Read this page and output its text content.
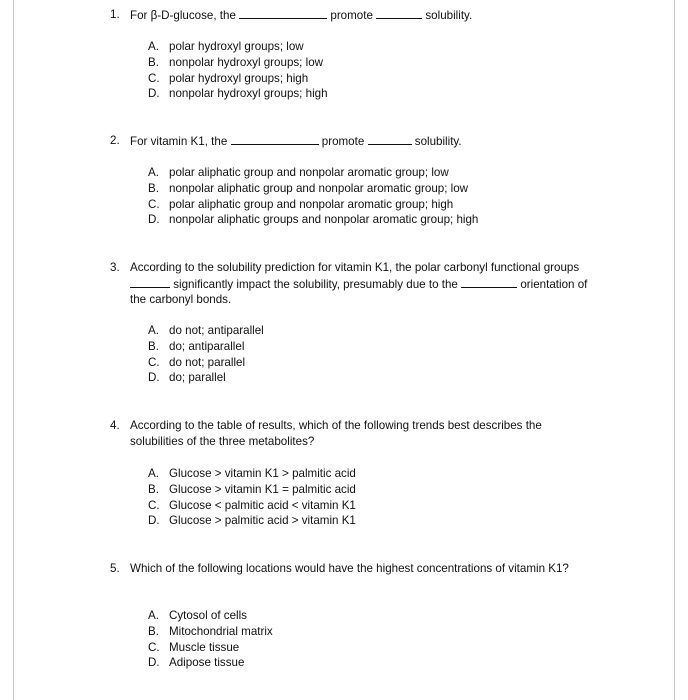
1. For β-D-glucose, the	promote	solubility.
A. polar hydroxyl groups; low
B. nonpolar hydroxyl groups; low
C. polar hydroxyl groups; high
D. nonpolar hydroxyl groups; high
2. For vitamin K1, the	promote	solubility.
A. polar aliphatic group and nonpolar aromatic group; low
B. nonpolar aliphatic group and nonpolar aromatic group; low
C. polar aliphatic group and nonpolar aromatic group; high
D. nonpolar aliphatic groups and nonpolar aromatic group; high
3. According to the solubility prediction for vitamin K1, the polar carbonyl functional groups  significantly impact the solubility, presumably due to the	orientation of the carbonyl bonds.
A. do not; antiparallel
B. do; antiparallel
C. do not; parallel
D. do; parallel
4. According to the table of results, which of the following trends best describes the solubilities of the three metabolites?
A. Glucose > vitamin K1 > palmitic acid
B. Glucose > vitamin K1 = palmitic acid
C. Glucose < palmitic acid < vitamin K1
D. Glucose > palmitic acid > vitamin K1
5. Which of the following locations would have the highest concentrations of vitamin K1?
A. Cytosol of cells
B. Mitochondrial matrix
C. Muscle tissue
D. Adipose tissue
